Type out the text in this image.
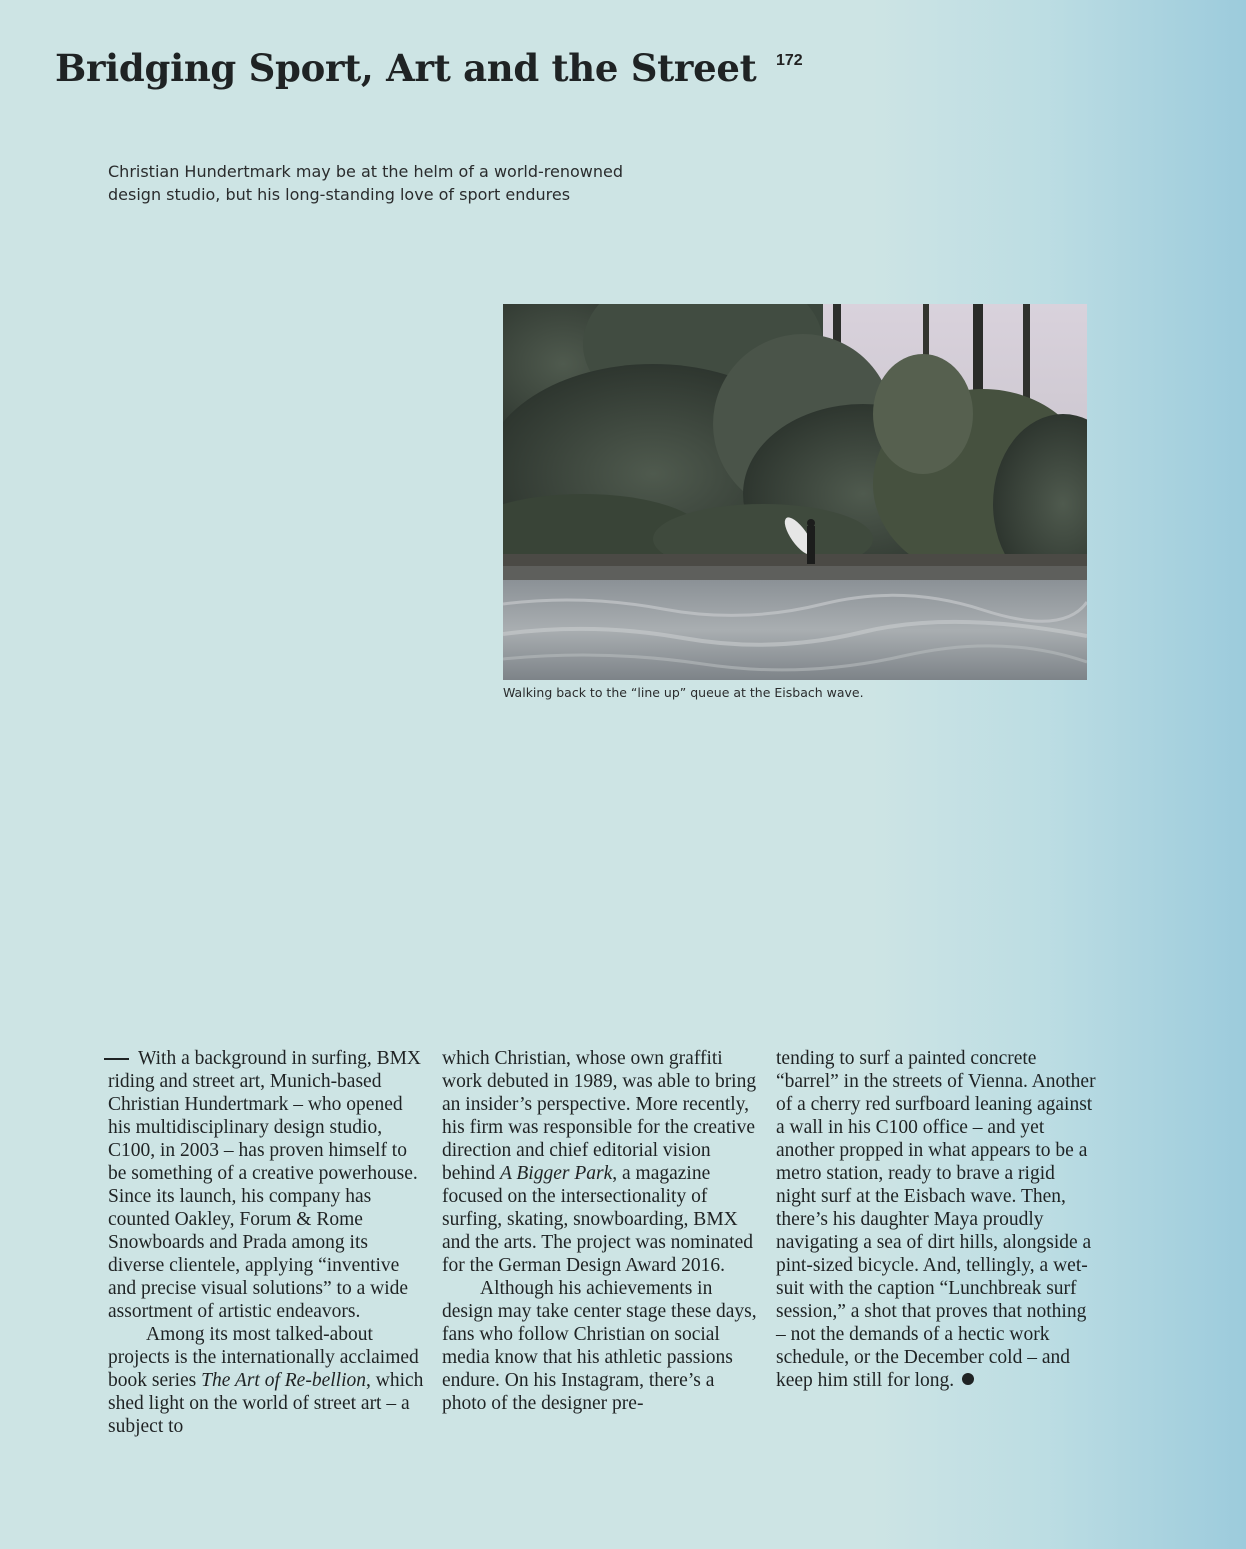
Bridging Sport, Art and the Street 172

Christian Hundertmark may be at the helm of a world-renowned
design studio, but his long-standing love of sport endures

Walking back to the “line up” queue at the Eisbach wave.

With a background in surfing, BMX riding and street art, Munich-based Christian Hundertmark – who opened his multidisciplinary design studio, C100, in 2003 – has proven himself to be something of a creative powerhouse. Since its launch, his company has counted Oakley, Forum & Rome Snowboards and Prada among its diverse clientele, applying “inventive and precise visual solutions” to a wide assortment of artistic endeavors.

Among its most talked-about projects is the internationally acclaimed book series The Art of Re-bellion, which shed light on the world of street art – a subject to

which Christian, whose own graffiti work debuted in 1989, was able to bring an insider’s perspective. More recently, his firm was responsible for the creative direction and chief editorial vision behind A Bigger Park, a magazine focused on the intersectionality of surfing, skating, snowboarding, BMX and the arts. The project was nominated for the German Design Award 2016.

Although his achievements in design may take center stage these days, fans who follow Christian on social media know that his athletic passions endure. On his Instagram, there’s a photo of the designer pre-

tending to surf a painted concrete “barrel” in the streets of Vienna. Another of a cherry red surfboard leaning against a wall in his C100 office – and yet another propped in what appears to be a metro station, ready to brave a rigid night surf at the Eisbach wave. Then, there’s his daughter Maya proudly navigating a sea of dirt hills, alongside a pint-sized bicycle. And, tellingly, a wet-suit with the caption “Lunchbreak surf session,” a shot that proves that nothing – not the demands of a hectic work schedule, or the December cold – and keep him still for long.
